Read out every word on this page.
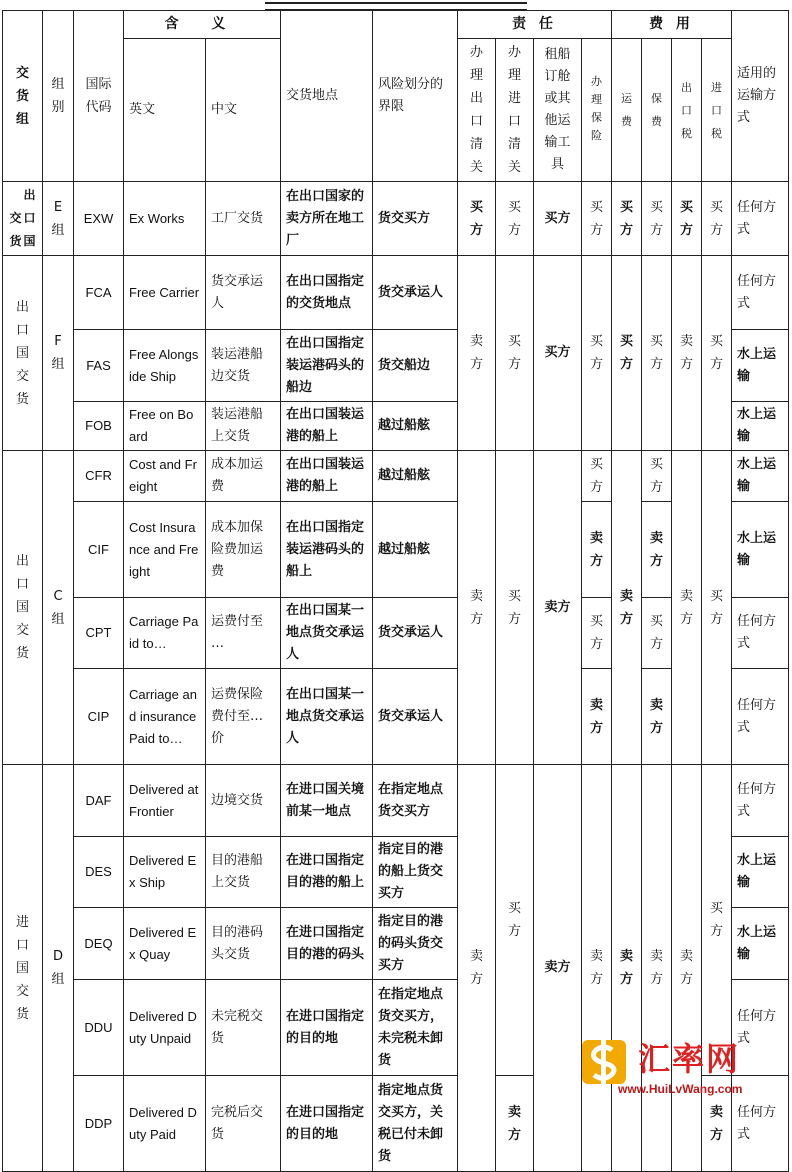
交货组	组别	国际代码	含 义		交货地点	风险划分的界限	责 任				费 用				适用的运输方式
			英文	中文			办理出口清关	办理进口清关	租船订舱或其他运输工具	办理保险	运费	保费	出口税	进口税	
交货出口国	E组	EXW	Ex Works	工厂交货	在出口国家的卖方所在地工厂	货交买方	买方	买方	买方	买方	买方	买方	买方	买方	任何方式
出口国交货	F组	FCA	Free Carrier	货交承运人	在出口国指定的交货地点	货交承运人	卖方	买方	买方	买方	买方	买方	卖方	买方	任何方式
		FAS	Free Alongside Ship	装运港船边交货	在出口国指定装运港码头的船边	货交船边									水上运输
		FOB	Free on Board	装运港船上交货	在出口国装运港的船上	越过船舷									水上运输
出口国交货	C组	CFR	Cost and Freight	成本加运费	在出口国装运港的船上	越过船舷	卖方	买方	卖方	买方	卖方	买方	卖方	买方	水上运输
		CIF	Cost Insurance and Freight	成本加保险费加运费	在出口国指定装运港码头的船上	越过船舷				卖方		卖方			水上运输
		CPT	Carriage Paid to…	运费付至 …	在出口国某一地点货交承运人	货交承运人				买方		买方			任何方式
		CIP	Carriage and insurance Paid to…	运费保险费付至…价	在出口国某一地点货交承运人	货交承运人				卖方		卖方			任何方式
进口国交货	D组	DAF	Delivered at Frontier	边境交货	在进口国关境前某一地点	在指定地点货交买方	卖方	买方	卖方	卖方	卖方	卖方	卖方	买方	任何方式
		DES	Delivered Ex Ship	目的港船上交货	在进口国指定目的港的船上	指定目的港的船上货交买方									水上运输
		DEQ	Delivered Ex Quay	目的港码头交货	在进口国指定目的港的码头	指定目的港的码头货交买方									水上运输
		DDU	Delivered Duty Unpaid	未完税交货	在进口国指定的目的地	在指定地点货交买方，未完税未卸货									任何方式
		DDP	Delivered Duty Paid	完税后交货	在进口国指定的目的地	指定地点货交买方，关税已付未卸货		卖方						卖方	任何方式
汇率网
www.HuiLvWang.com
